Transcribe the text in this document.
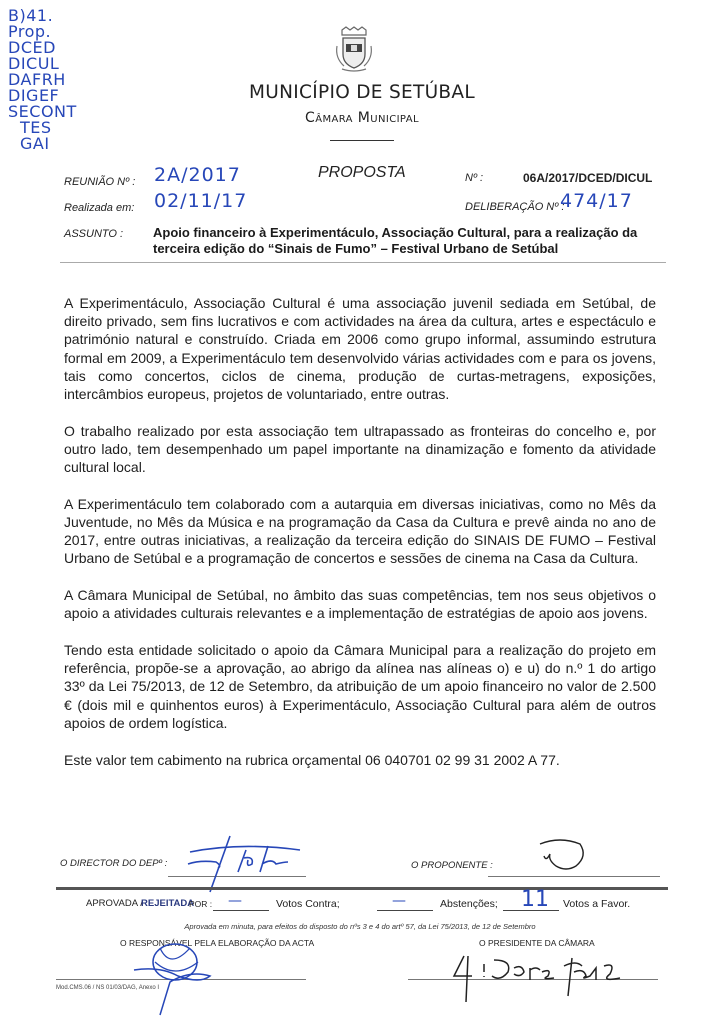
B)41.
Prop.
DCED
DICUL
DAFRH
DIGEF
SECONT
TES
GAI
MUNICÍPIO DE SETÚBAL
Câmara Municipal
REUNIÃO Nº : 2A/2017	PROPOSTA	Nº :	06A/2017/DCED/DICUL
Realizada em: 02/11/17	DELIBERAÇÃO Nº :
474/17
ASSUNTO : Apoio financeiro à Experimentáculo, Associação Cultural, para a realização da
terceira edição do “Sinais de Fumo” – Festival Urbano de Setúbal

A Experimentáculo, Associação Cultural é uma associação juvenil sediada em Setúbal, de direito privado, sem fins lucrativos e com actividades na área da cultura, artes e espectáculo e património natural e construído. Criada em 2006 como grupo informal, assumindo estrutura formal em 2009, a Experimentáculo tem desenvolvido várias actividades com e para os jovens, tais como concertos, ciclos de cinema, produção de curtas-metragens, exposições, intercâmbios europeus, projetos de voluntariado, entre outras.

O trabalho realizado por esta associação tem ultrapassado as fronteiras do concelho e, por outro lado, tem desempenhado um papel importante na dinamização e fomento da atividade cultural local.

A Experimentáculo tem colaborado com a autarquia em diversas iniciativas, como no Mês da Juventude, no Mês da Música e na programação da Casa da Cultura e prevê ainda no ano de 2017, entre outras iniciativas, a realização da terceira edição do SINAIS DE FUMO – Festival Urbano de Setúbal e a programação de concertos e sessões de cinema na Casa da Cultura.

A Câmara Municipal de Setúbal, no âmbito das suas competências, tem nos seus objetivos o apoio a atividades culturais relevantes e a implementação de estratégias de apoio aos jovens.

Tendo esta entidade solicitado o apoio da Câmara Municipal para a realização do projeto em referência, propõe-se a aprovação, ao abrigo da alínea nas alíneas o) e u) do n.º 1 do artigo 33º da Lei 75/2013, de 12 de Setembro, da atribuição de um apoio financeiro no valor de 2.500 € (dois mil e quinhentos euros) à Experimentáculo, Associação Cultural para além de outros apoios de ordem logística.

Este valor tem cabimento na rubrica orçamental 06 040701 02 99 31 2002 A 77.

O DIRECTOR DO DEPº :	O PROPONENTE :
APROVADA /
REJEITADA
POR : —	Votos Contra;	—	Abstenções; 11 Votos a Favor.
Aprovada em minuta, para efeitos do disposto do nºs 3 e 4 do artº 57, da Lei 75/2013, de 12 de Setembro
O RESPONSÁVEL PELA ELABORAÇÃO DA ACTA
Mod.CMS.06 / NS 01/03/DAG, Anexo I
O PRESIDENTE DA CÂMARA
